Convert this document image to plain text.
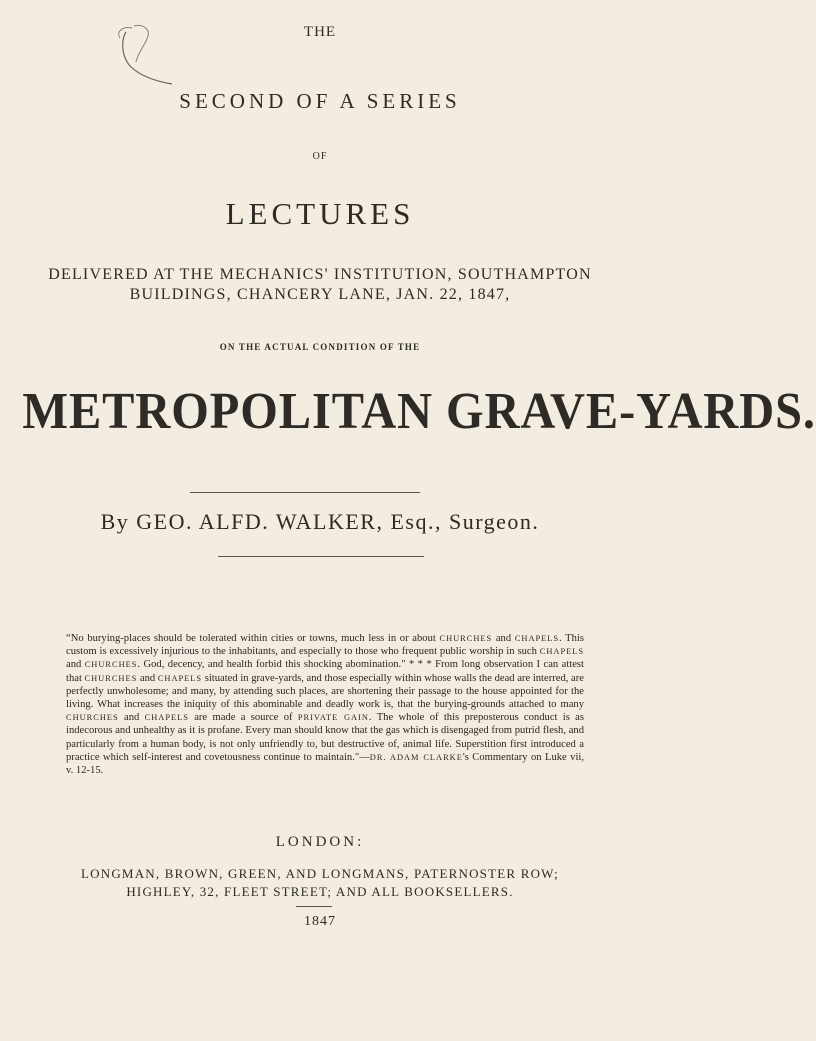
THE
SECOND OF A SERIES
OF
LECTURES
DELIVERED AT THE MECHANICS' INSTITUTION, SOUTHAMPTON
BUILDINGS, CHANCERY LANE, JAN. 22, 1847,
ON THE ACTUAL CONDITION OF THE
METROPOLITAN GRAVE-YARDS.
By GEO. ALFD. WALKER, Esq., Surgeon.
“No burying-places should be tolerated within cities or towns, much less in or about CHURCHES and CHAPELS. This custom is excessively injurious to the inhabitants, and especially to those who frequent public worship in such CHAPELS and CHURCHES. God, decency, and health forbid this shocking abomination." * * * From long observation I can attest that CHURCHES and CHAPELS situated in grave-yards, and those especially within whose walls the dead are interred, are perfectly unwholesome; and many, by attending such places, are shortening their passage to the house appointed for the living. What increases the iniquity of this abominable and deadly work is, that the burying-grounds attached to many CHURCHES and CHAPELS are made a source of PRIVATE GAIN. The whole of this preposterous conduct is as indecorous and unhealthy as it is profane. Every man should know that the gas which is disengaged from putrid flesh, and particularly from a human body, is not only unfriendly to, but destructive of, animal life. Superstition first introduced a practice which self-interest and covetousness continue to maintain."—DR. ADAM CLARKE's Commentary on Luke vii, v. 12-15.
LONDON:
LONGMAN, BROWN, GREEN, AND LONGMANS, PATERNOSTER ROW;
HIGHLEY, 32, FLEET STREET; AND ALL BOOKSELLERS.
1847
